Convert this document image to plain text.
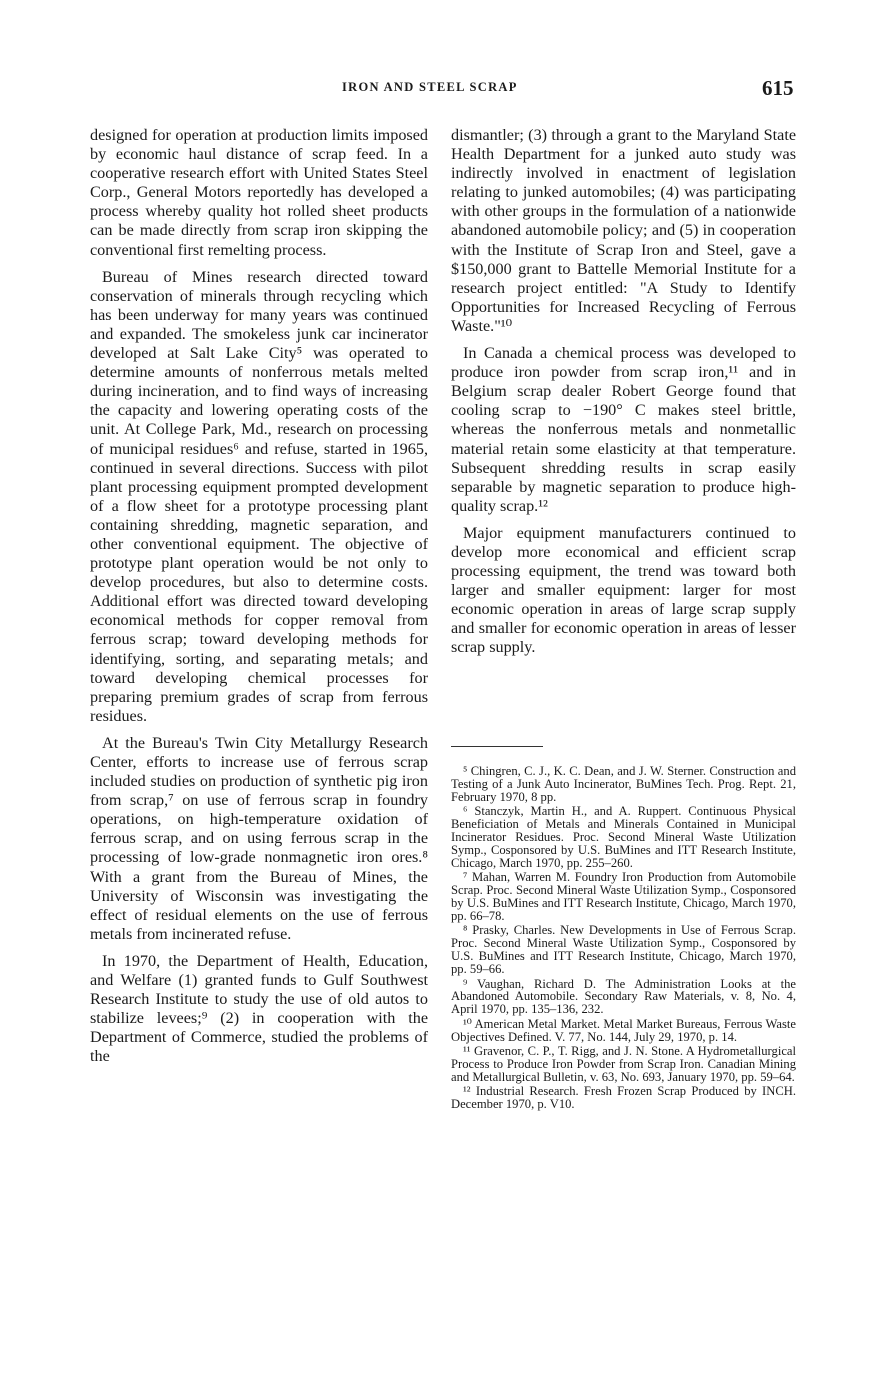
IRON AND STEEL SCRAP	615

designed for operation at production limits imposed by economic haul distance of scrap feed. In a cooperative research effort with United States Steel Corp., General Motors reportedly has developed a process whereby quality hot rolled sheet products can be made directly from scrap iron skipping the conventional first remelting process.

Bureau of Mines research directed toward conservation of minerals through recycling which has been underway for many years was continued and expanded. The smokeless junk car incinerator developed at Salt Lake City⁵ was operated to determine amounts of nonferrous metals melted during incineration, and to find ways of increasing the capacity and lowering operating costs of the unit. At College Park, Md., research on processing of municipal residues⁶ and refuse, started in 1965, continued in several directions. Success with pilot plant processing equipment prompted development of a flow sheet for a prototype processing plant containing shredding, magnetic separation, and other conventional equipment. The objective of prototype plant operation would be not only to develop procedures, but also to determine costs. Additional effort was directed toward developing economical methods for copper removal from ferrous scrap; toward developing methods for identifying, sorting, and separating metals; and toward developing chemical processes for preparing premium grades of scrap from ferrous residues.

At the Bureau's Twin City Metallurgy Research Center, efforts to increase use of ferrous scrap included studies on production of synthetic pig iron from scrap,⁷ on use of ferrous scrap in foundry operations, on high-temperature oxidation of ferrous scrap, and on using ferrous scrap in the processing of low-grade nonmagnetic iron ores.⁸ With a grant from the Bureau of Mines, the University of Wisconsin was investigating the effect of residual elements on the use of ferrous metals from incinerated refuse.

In 1970, the Department of Health, Education, and Welfare (1) granted funds to Gulf Southwest Research Institute to study the use of old autos to stabilize levees;⁹ (2) in cooperation with the Department of Commerce, studied the problems of the

dismantler; (3) through a grant to the Maryland State Health Department for a junked auto study was indirectly involved in enactment of legislation relating to junked automobiles; (4) was participating with other groups in the formulation of a nationwide abandoned automobile policy; and (5) in cooperation with the Institute of Scrap Iron and Steel, gave a $150,000 grant to Battelle Memorial Institute for a research project entitled: "A Study to Identify Opportunities for Increased Recycling of Ferrous Waste."¹⁰

In Canada a chemical process was developed to produce iron powder from scrap iron,¹¹ and in Belgium scrap dealer Robert George found that cooling scrap to −190° C makes steel brittle, whereas the nonferrous metals and nonmetallic material retain some elasticity at that temperature. Subsequent shredding results in scrap easily separable by magnetic separation to produce high-quality scrap.¹²

Major equipment manufacturers continued to develop more economical and efficient scrap processing equipment, the trend was toward both larger and smaller equipment: larger for most economic operation in areas of large scrap supply and smaller for economic operation in areas of lesser scrap supply.

⁵ Chingren, C. J., K. C. Dean, and J. W. Sterner. Construction and Testing of a Junk Auto Incinerator, BuMines Tech. Prog. Rept. 21, February 1970, 8 pp.

⁶ Stanczyk, Martin H., and A. Ruppert. Continuous Physical Beneficiation of Metals and Minerals Contained in Municipal Incinerator Residues. Proc. Second Mineral Waste Utilization Symp., Cosponsored by U.S. BuMines and ITT Research Institute, Chicago, March 1970, pp. 255–260.

⁷ Mahan, Warren M. Foundry Iron Production from Automobile Scrap. Proc. Second Mineral Waste Utilization Symp., Cosponsored by U.S. BuMines and ITT Research Institute, Chicago, March 1970, pp. 66–78.

⁸ Prasky, Charles. New Developments in Use of Ferrous Scrap. Proc. Second Mineral Waste Utilization Symp., Cosponsored by U.S. BuMines and ITT Research Institute, Chicago, March 1970, pp. 59–66.

⁹ Vaughan, Richard D. The Administration Looks at the Abandoned Automobile. Secondary Raw Materials, v. 8, No. 4, April 1970, pp. 135–136, 232.

¹⁰ American Metal Market. Metal Market Bureaus, Ferrous Waste Objectives Defined. V. 77, No. 144, July 29, 1970, p. 14.

¹¹ Gravenor, C. P., T. Rigg, and J. N. Stone. A Hydrometallurgical Process to Produce Iron Powder from Scrap Iron. Canadian Mining and Metallurgical Bulletin, v. 63, No. 693, January 1970, pp. 59–64.

¹² Industrial Research. Fresh Frozen Scrap Produced by INCH. December 1970, p. V10.
